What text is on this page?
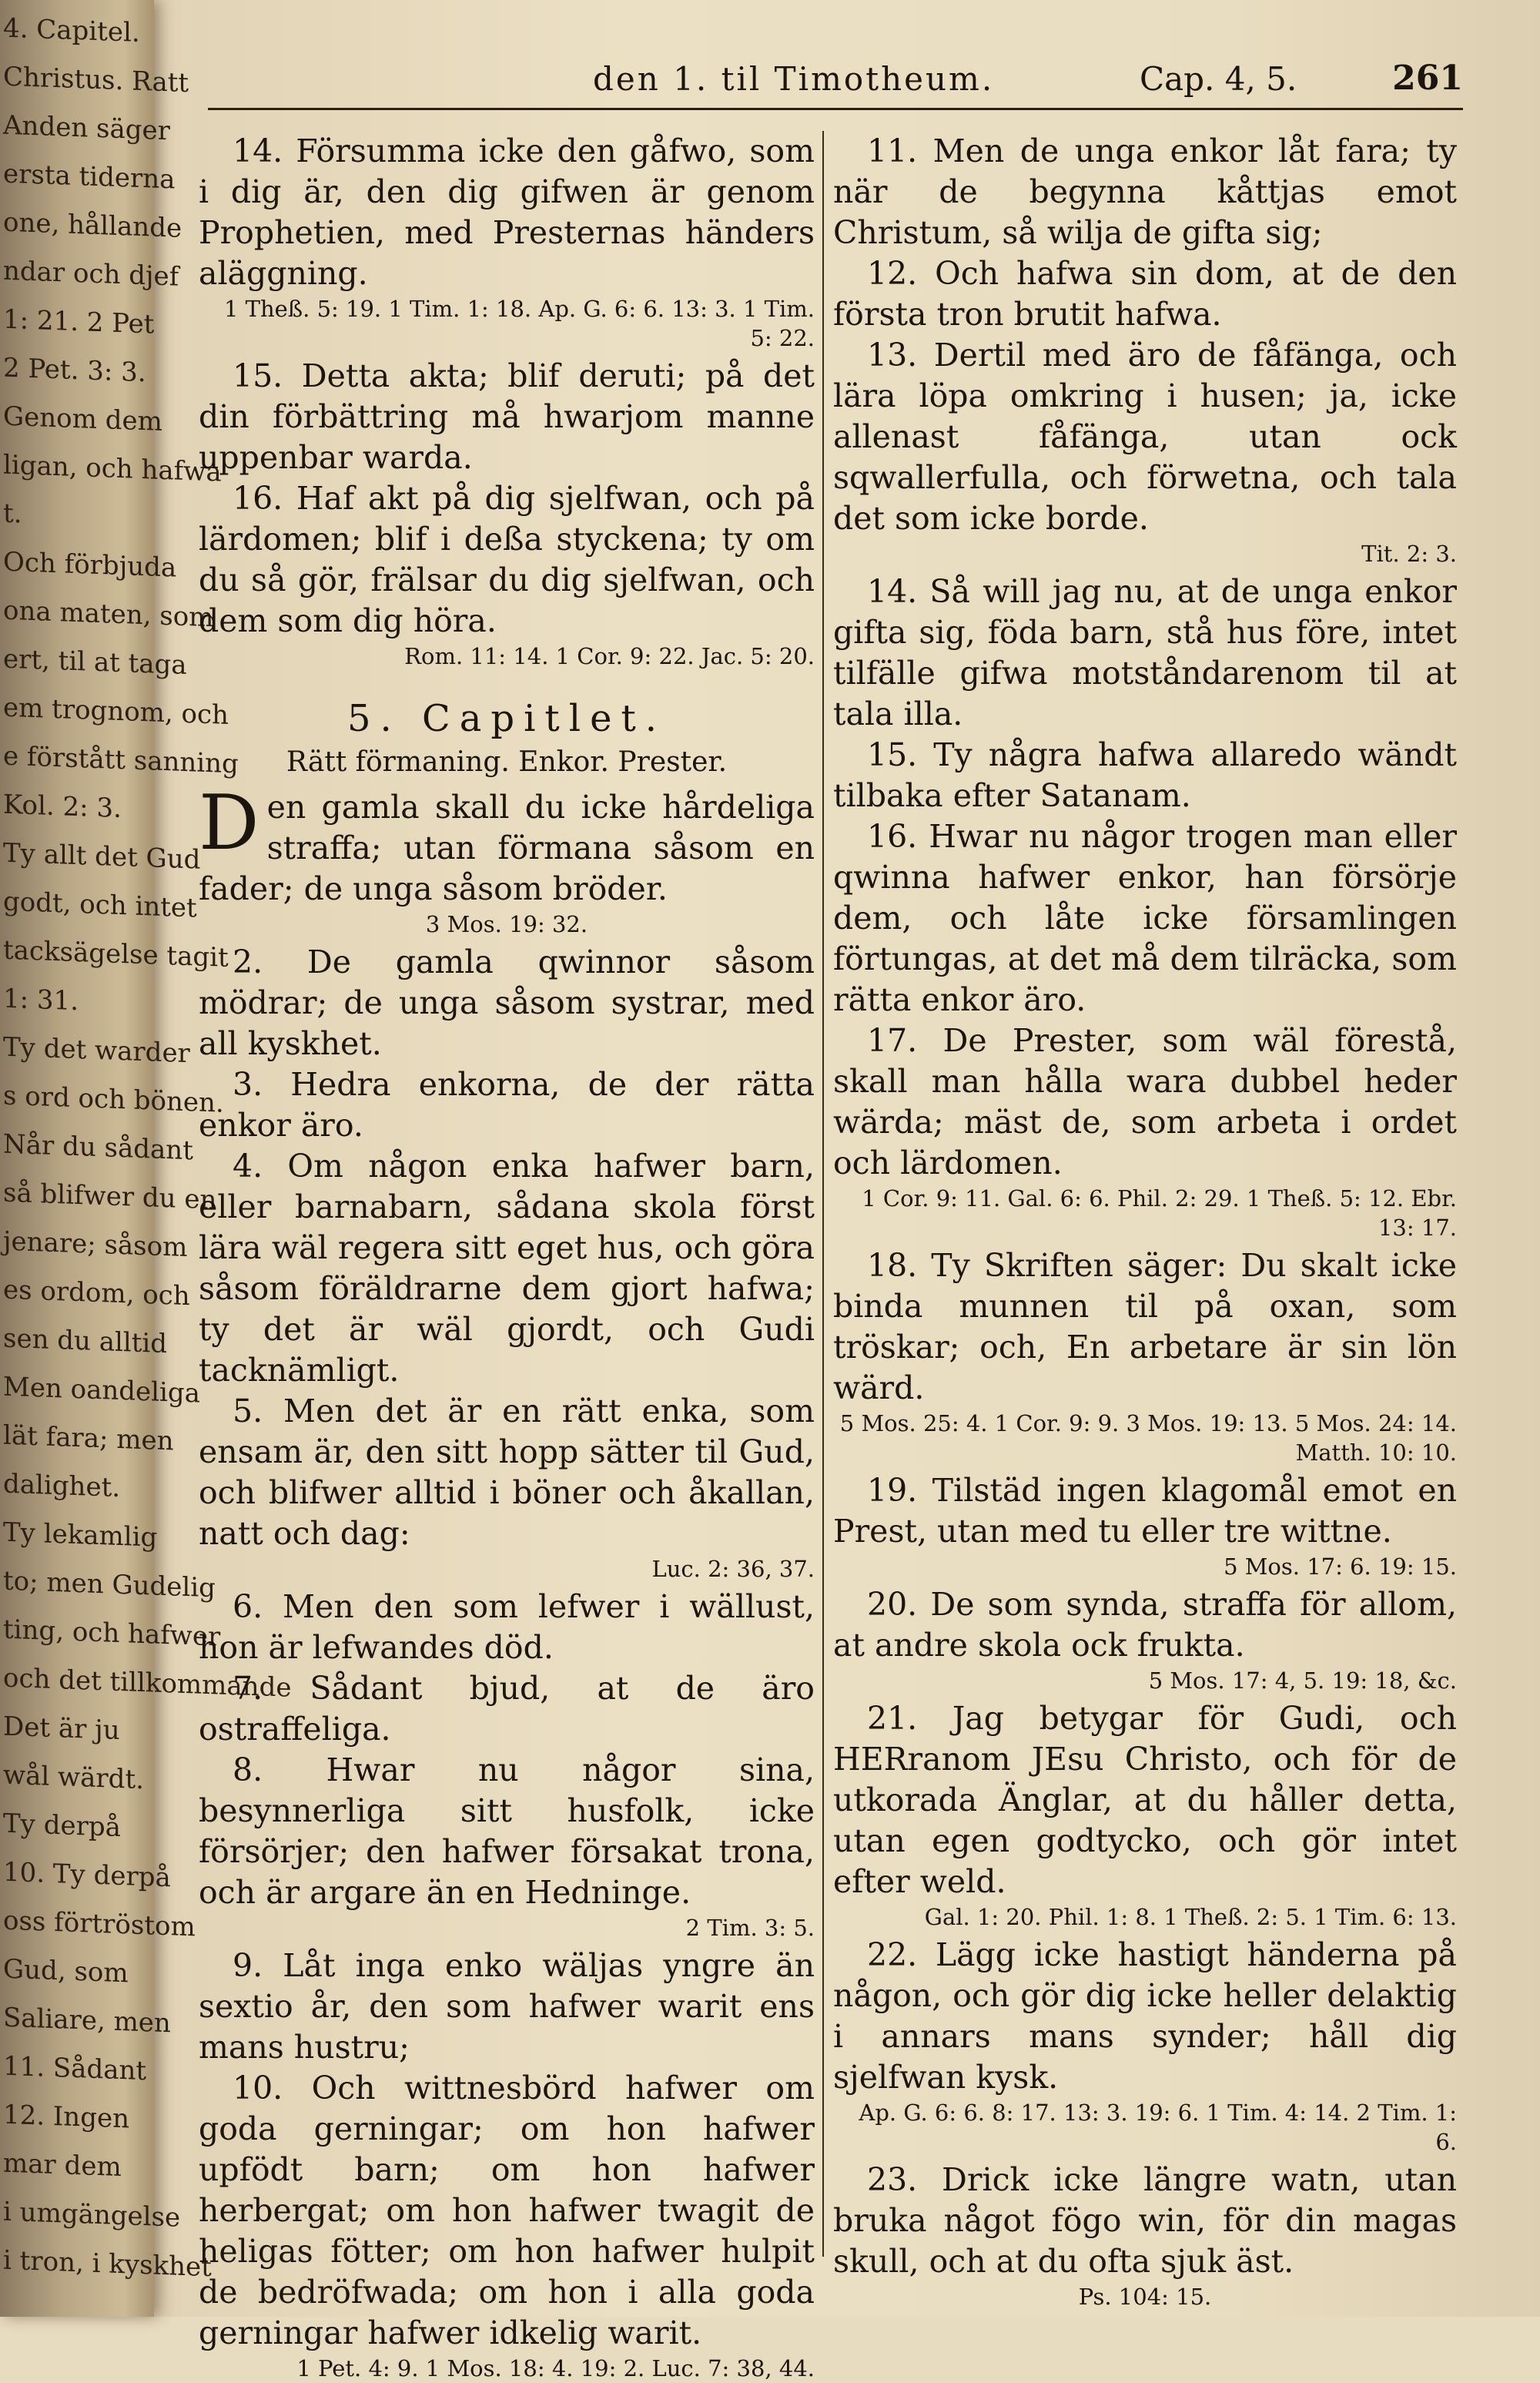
4. Capitel.
Christus. Ratt
Anden säger
ersta tiderna
one, hållande
ndar och djef
1: 21. 2 Pet
2 Pet. 3: 3.
Genom dem
ligan, och hafwa
t.
Och förbjuda
ona maten, som
ert, til at taga
em trognom, och
e förstått sanning
Kol. 2: 3.
Ty allt det Gud
godt, och intet
tacksägelse tagit
1: 31.
Ty det warder
s ord och bönen.
Når du sådant
så blifwer du en
jenare; såsom
es ordom, och
sen du alltid
Men oandeliga
lät fara; men
dalighet.
Ty lekamlig
to; men Gudelig
ting, och hafwer
och det tillkommande
Det är ju
wål wärdt.
Ty derpå
10. Ty derpå
oss förtröstom
Gud, som
Saliare, men
11. Sådant
12. Ingen
mar dem
i umgängelse
i tron, i kyskhet
den 1. til Timotheum.	Cap. 4, 5.	261

14. Försumma icke den gåfwo, som i dig är, den dig gifwen är genom Prophetien, med Presternas händers aläggning.

1 Theß. 5: 19. 1 Tim. 1: 18. Ap. G. 6: 6. 13: 3. 1 Tim. 5: 22.

15. Detta akta; blif deruti; på det din förbättring må hwarjom manne uppenbar warda.

16. Haf akt på dig sjelfwan, och på lärdomen; blif i deßa styckena; ty om du så gör, frälsar du dig sjelfwan, och dem som dig höra.

Rom. 11: 14. 1 Cor. 9: 22. Jac. 5: 20.

5. Capitlet.
Rätt förmaning. Enkor. Prester.

D en gamla skall du icke hårdeliga straffa; utan förmana såsom en fader; de unga såsom bröder.

3 Mos. 19: 32.

2. De gamla qwinnor såsom mödrar; de unga såsom systrar, med all kyskhet.

3. Hedra enkorna, de der rätta enkor äro.

4. Om någon enka hafwer barn, eller barnabarn, sådana skola först lära wäl regera sitt eget hus, och göra såsom föräldrarne dem gjort hafwa; ty det är wäl gjordt, och Gudi tacknämligt.

5. Men det är en rätt enka, som ensam är, den sitt hopp sätter til Gud, och blifwer alltid i böner och åkallan, natt och dag:

Luc. 2: 36, 37.

6. Men den som lefwer i wällust, hon är lefwandes död.

7. Sådant bjud, at de äro ostraffeliga.

8. Hwar nu någor sina, besynnerliga sitt husfolk, icke försörjer; den hafwer försakat trona, och är argare än en Hedninge.

2 Tim. 3: 5.

9. Låt inga enko wäljas yngre än sextio år, den som hafwer warit ens mans hustru;

10. Och wittnesbörd hafwer om goda gerningar; om hon hafwer upfödt barn; om hon hafwer herbergat; om hon hafwer twagit de heligas fötter; om hon hafwer hulpit de bedröfwada; om hon i alla goda gerningar hafwer idkelig warit.

1 Pet. 4: 9. 1 Mos. 18: 4. 19: 2. Luc. 7: 38, 44.

11. Men de unga enkor låt fara; ty när de begynna kåttjas emot Christum, så wilja de gifta sig;

12. Och hafwa sin dom, at de den första tron brutit hafwa.

13. Dertil med äro de fåfänga, och lära löpa omkring i husen; ja, icke allenast fåfänga, utan ock sqwallerfulla, och förwetna, och tala det som icke borde.

Tit. 2: 3.

14. Så will jag nu, at de unga enkor gifta sig, föda barn, stå hus före, intet tilfälle gifwa motståndarenom til at tala illa.

15. Ty några hafwa allaredo wändt tilbaka efter Satanam.

16. Hwar nu någor trogen man eller qwinna hafwer enkor, han försörje dem, och låte icke församlingen förtungas, at det må dem tilräcka, som rätta enkor äro.

17. De Prester, som wäl förestå, skall man hålla wara dubbel heder wärda; mäst de, som arbeta i ordet och lärdomen.

1 Cor. 9: 11. Gal. 6: 6. Phil. 2: 29. 1 Theß. 5: 12. Ebr. 13: 17.

18. Ty Skriften säger: Du skalt icke binda munnen til på oxan, som tröskar; och, En arbetare är sin lön wärd.

5 Mos. 25: 4. 1 Cor. 9: 9. 3 Mos. 19: 13. 5 Mos. 24: 14. Matth. 10: 10.

19. Tilstäd ingen klagomål emot en Prest, utan med tu eller tre wittne.

5 Mos. 17: 6. 19: 15.

20. De som synda, straffa för allom, at andre skola ock frukta.

5 Mos. 17: 4, 5. 19: 18, &c.

21. Jag betygar för Gudi, och HERranom JEsu Christo, och för de utkorada Änglar, at du håller detta, utan egen godtycko, och gör intet efter weld.

Gal. 1: 20. Phil. 1: 8. 1 Theß. 2: 5. 1 Tim. 6: 13.

22. Lägg icke hastigt händerna på någon, och gör dig icke heller delaktig i annars mans synder; håll dig sjelfwan kysk.

Ap. G. 6: 6. 8: 17. 13: 3. 19: 6. 1 Tim. 4: 14. 2 Tim. 1: 6.

23. Drick icke längre watn, utan bruka något fögo win, för din magas skull, och at du ofta sjuk äst.

Ps. 104: 15.
